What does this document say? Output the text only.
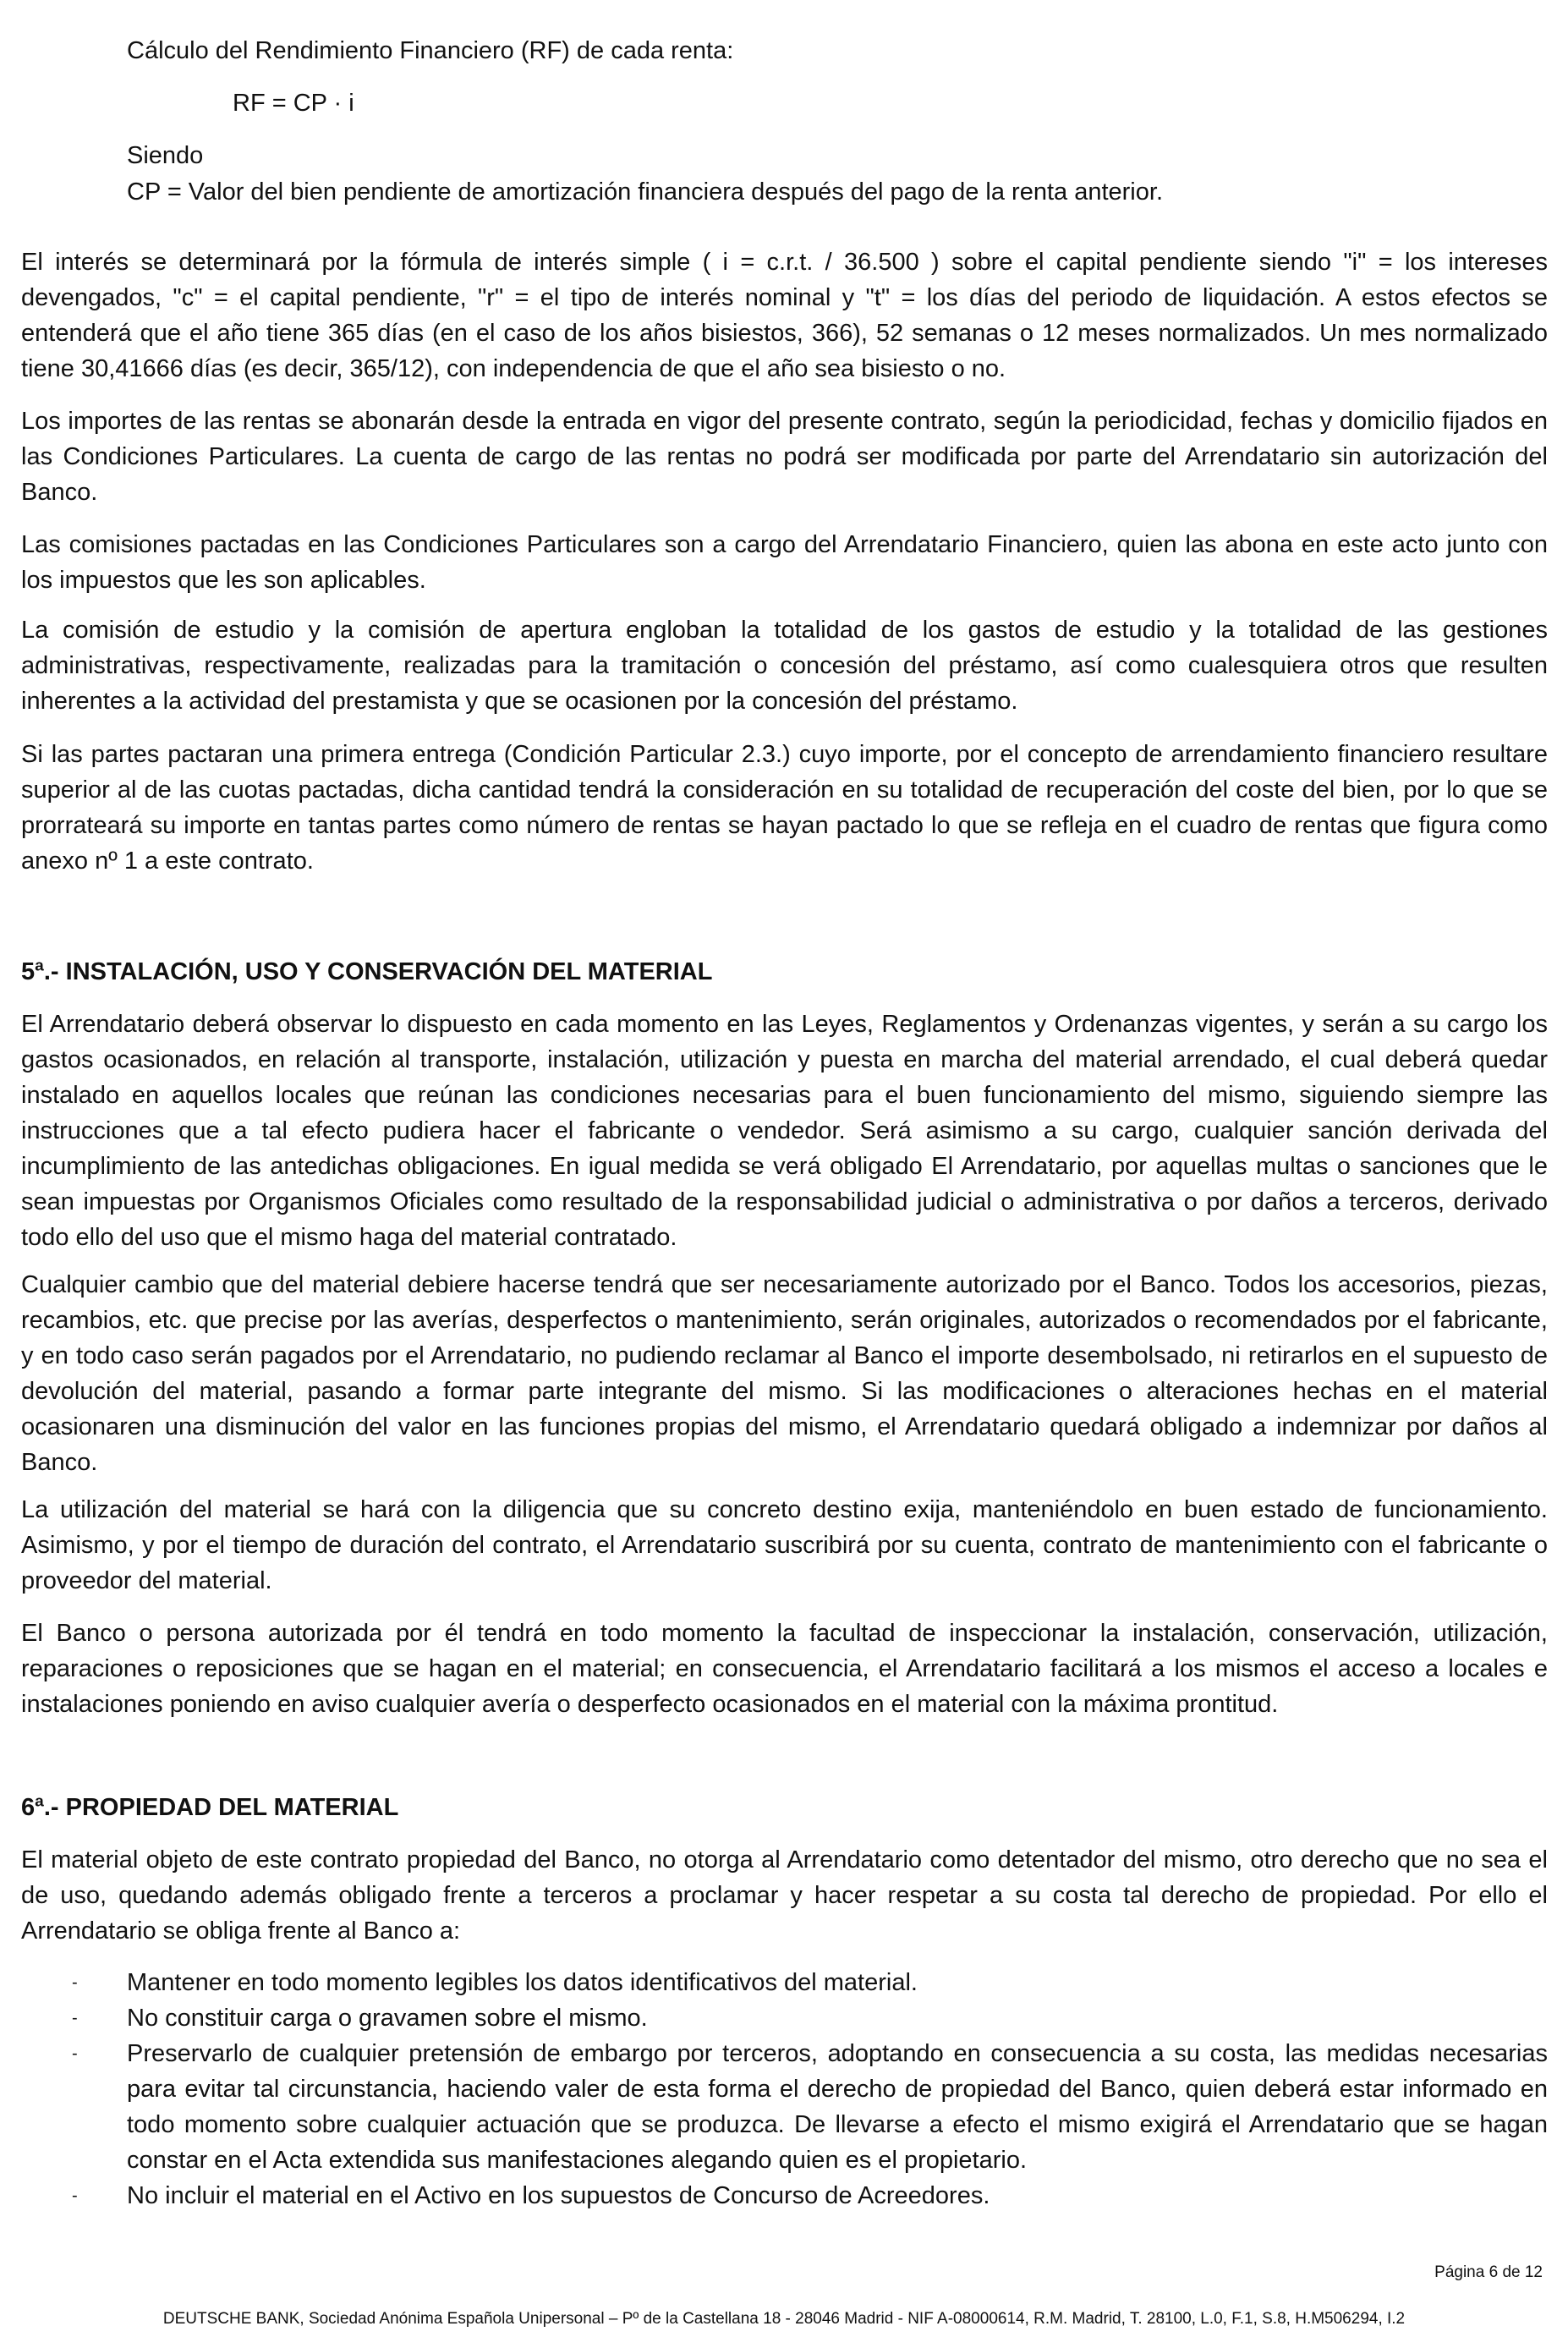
Cálculo del Rendimiento Financiero (RF) de cada renta:

RF = CP · i

Siendo

CP = Valor del bien pendiente de amortización financiera después del pago de la renta anterior.

El interés se determinará por la fórmula de interés simple ( i = c.r.t. / 36.500 ) sobre el capital pendiente siendo "i" = los intereses devengados, "c" = el capital pendiente, "r" = el tipo de interés nominal y "t" = los días del periodo de liquidación. A estos efectos se entenderá que el año tiene 365 días (en el caso de los años bisiestos, 366), 52 semanas o 12 meses normalizados. Un mes normalizado tiene 30,41666 días (es decir, 365/12), con independencia de que el año sea bisiesto o no.

Los importes de las rentas se abonarán desde la entrada en vigor del presente contrato, según la periodicidad, fechas y domicilio fijados en las Condiciones Particulares. La cuenta de cargo de las rentas no podrá ser modificada por parte del Arrendatario sin autorización del Banco.

Las comisiones pactadas en las Condiciones Particulares son a cargo del Arrendatario Financiero, quien las abona en este acto junto con los impuestos que les son aplicables.

La comisión de estudio y la comisión de apertura engloban la totalidad de los gastos de estudio y la totalidad de las gestiones administrativas, respectivamente, realizadas para la tramitación o concesión del préstamo, así como cualesquiera otros que resulten inherentes a la actividad del prestamista y que se ocasionen por la concesión del préstamo.

Si las partes pactaran una primera entrega (Condición Particular 2.3.) cuyo importe, por el concepto de arrendamiento financiero resultare superior al de las cuotas pactadas, dicha cantidad tendrá la consideración en su totalidad de recuperación del coste del bien, por lo que se prorrateará su importe en tantas partes como número de rentas se hayan pactado lo que se refleja en el cuadro de rentas que figura como anexo nº 1 a este contrato.

5ª.- INSTALACIÓN, USO Y CONSERVACIÓN DEL MATERIAL

El Arrendatario deberá observar lo dispuesto en cada momento en las Leyes, Reglamentos y Ordenanzas vigentes, y serán a su cargo los gastos ocasionados, en relación al transporte, instalación, utilización y puesta en marcha del material arrendado, el cual deberá quedar instalado en aquellos locales que reúnan las condiciones necesarias para el buen funcionamiento del mismo, siguiendo siempre las instrucciones que a tal efecto pudiera hacer el fabricante o vendedor. Será asimismo a su cargo, cualquier sanción derivada del incumplimiento de las antedichas obligaciones. En igual medida se verá obligado El Arrendatario, por aquellas multas o sanciones que le sean impuestas por Organismos Oficiales como resultado de la responsabilidad judicial o administrativa o por daños a terceros, derivado todo ello del uso que el mismo haga del material contratado.

Cualquier cambio que del material debiere hacerse tendrá que ser necesariamente autorizado por el Banco. Todos los accesorios, piezas, recambios, etc. que precise por las averías, desperfectos o mantenimiento, serán originales, autorizados o recomendados por el fabricante, y en todo caso serán pagados por el Arrendatario, no pudiendo reclamar al Banco el importe desembolsado, ni retirarlos en el supuesto de devolución del material, pasando a formar parte integrante del mismo. Si las modificaciones o alteraciones hechas en el material ocasionaren una disminución del valor en las funciones propias del mismo, el Arrendatario quedará obligado a indemnizar por daños al Banco.

La utilización del material se hará con la diligencia que su concreto destino exija, manteniéndolo en buen estado de funcionamiento. Asimismo, y por el tiempo de duración del contrato, el Arrendatario suscribirá por su cuenta, contrato de mantenimiento con el fabricante o proveedor del material.

El Banco o persona autorizada por él tendrá en todo momento la facultad de inspeccionar la instalación, conservación, utilización, reparaciones o reposiciones que se hagan en el material; en consecuencia, el Arrendatario facilitará a los mismos el acceso a locales e instalaciones poniendo en aviso cualquier avería o desperfecto ocasionados en el material con la máxima prontitud.

6ª.- PROPIEDAD DEL MATERIAL

El material objeto de este contrato propiedad del Banco, no otorga al Arrendatario como detentador del mismo, otro derecho que no sea el de uso, quedando además obligado frente a terceros a proclamar y hacer respetar a su costa tal derecho de propiedad. Por ello el Arrendatario se obliga frente al Banco a:

- Mantener en todo momento legibles los datos identificativos del material.
- No constituir carga o gravamen sobre el mismo.
- Preservarlo de cualquier pretensión de embargo por terceros, adoptando en consecuencia a su costa, las medidas necesarias para evitar tal circunstancia, haciendo valer de esta forma el derecho de propiedad del Banco, quien deberá estar informado en todo momento sobre cualquier actuación que se produzca. De llevarse a efecto el mismo exigirá el Arrendatario que se hagan constar en el Acta extendida sus manifestaciones alegando quien es el propietario.
- No incluir el material en el Activo en los supuestos de Concurso de Acreedores.
Página 6 de 12
DEUTSCHE BANK, Sociedad Anónima Española Unipersonal – Pº de la Castellana 18 - 28046 Madrid - NIF A-08000614, R.M. Madrid, T. 28100, L.0, F.1, S.8, H.M506294, I.2
